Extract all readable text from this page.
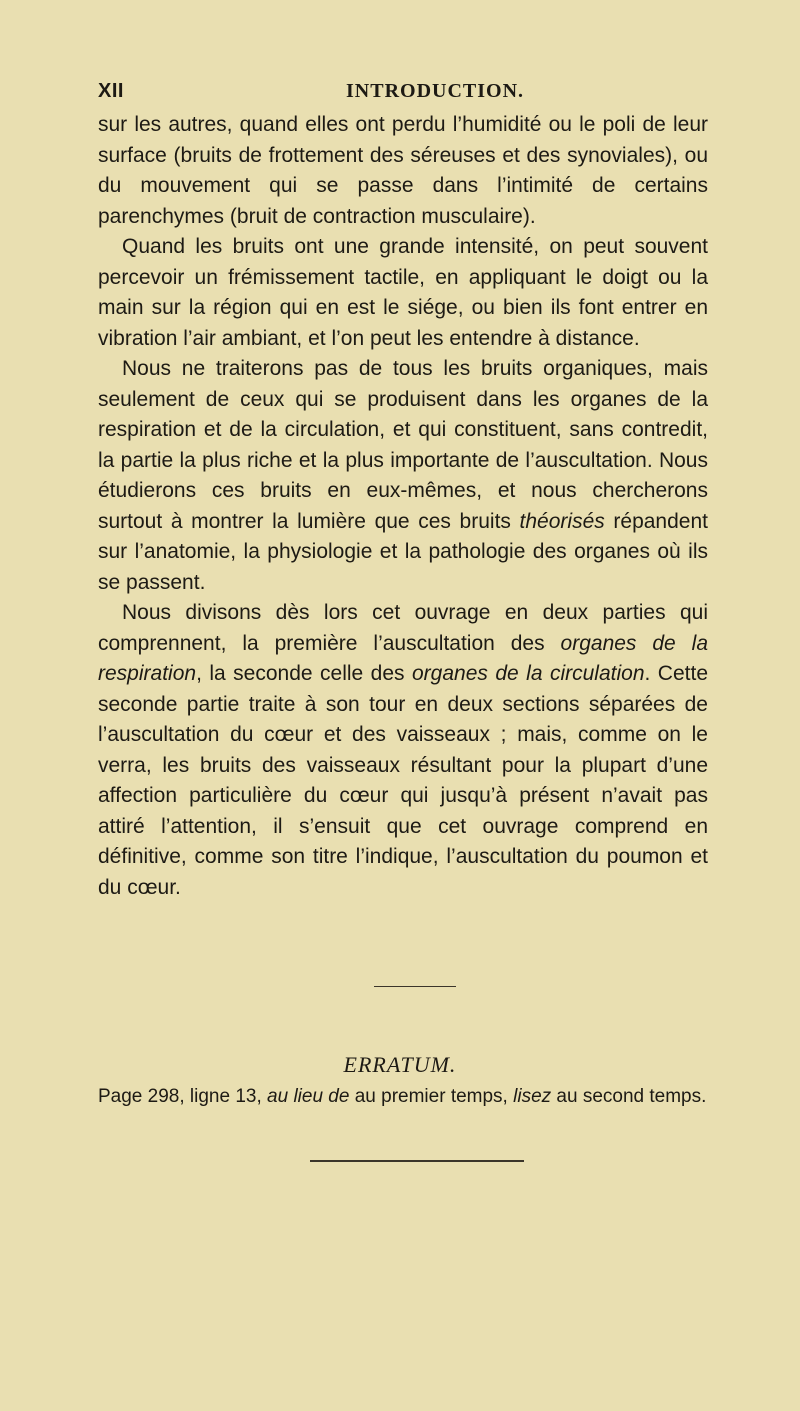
XII	INTRODUCTION.

sur les autres, quand elles ont perdu l’humidité ou le poli de leur surface (bruits de frottement des séreuses et des synoviales), ou du mouvement qui se passe dans l’intimité de certains parenchymes (bruit de contraction musculaire).

Quand les bruits ont une grande intensité, on peut souvent percevoir un frémissement tactile, en appliquant le doigt ou la main sur la région qui en est le siége, ou bien ils font entrer en vibration l’air ambiant, et l’on peut les entendre à distance.

Nous ne traiterons pas de tous les bruits organiques, mais seulement de ceux qui se produisent dans les organes de la respiration et de la circulation, et qui constituent, sans contredit, la partie la plus riche et la plus importante de l’auscultation. Nous étudierons ces bruits en eux-mêmes, et nous chercherons surtout à montrer la lumière que ces bruits théorisés répandent sur l’anatomie, la physiologie et la pathologie des organes où ils se passent.

Nous divisons dès lors cet ouvrage en deux parties qui comprennent, la première l’auscultation des organes de la respiration, la seconde celle des organes de la circulation. Cette seconde partie traite à son tour en deux sections séparées de l’auscultation du cœur et des vaisseaux ; mais, comme on le verra, les bruits des vaisseaux résultant pour la plupart d’une affection particulière du cœur qui jusqu’à présent n’avait pas attiré l’attention, il s’ensuit que cet ouvrage comprend en définitive, comme son titre l’indique, l’auscultation du poumon et du cœur.

ERRATUM.
Page 298, ligne 13, au lieu de au premier temps, lisez au second temps.
